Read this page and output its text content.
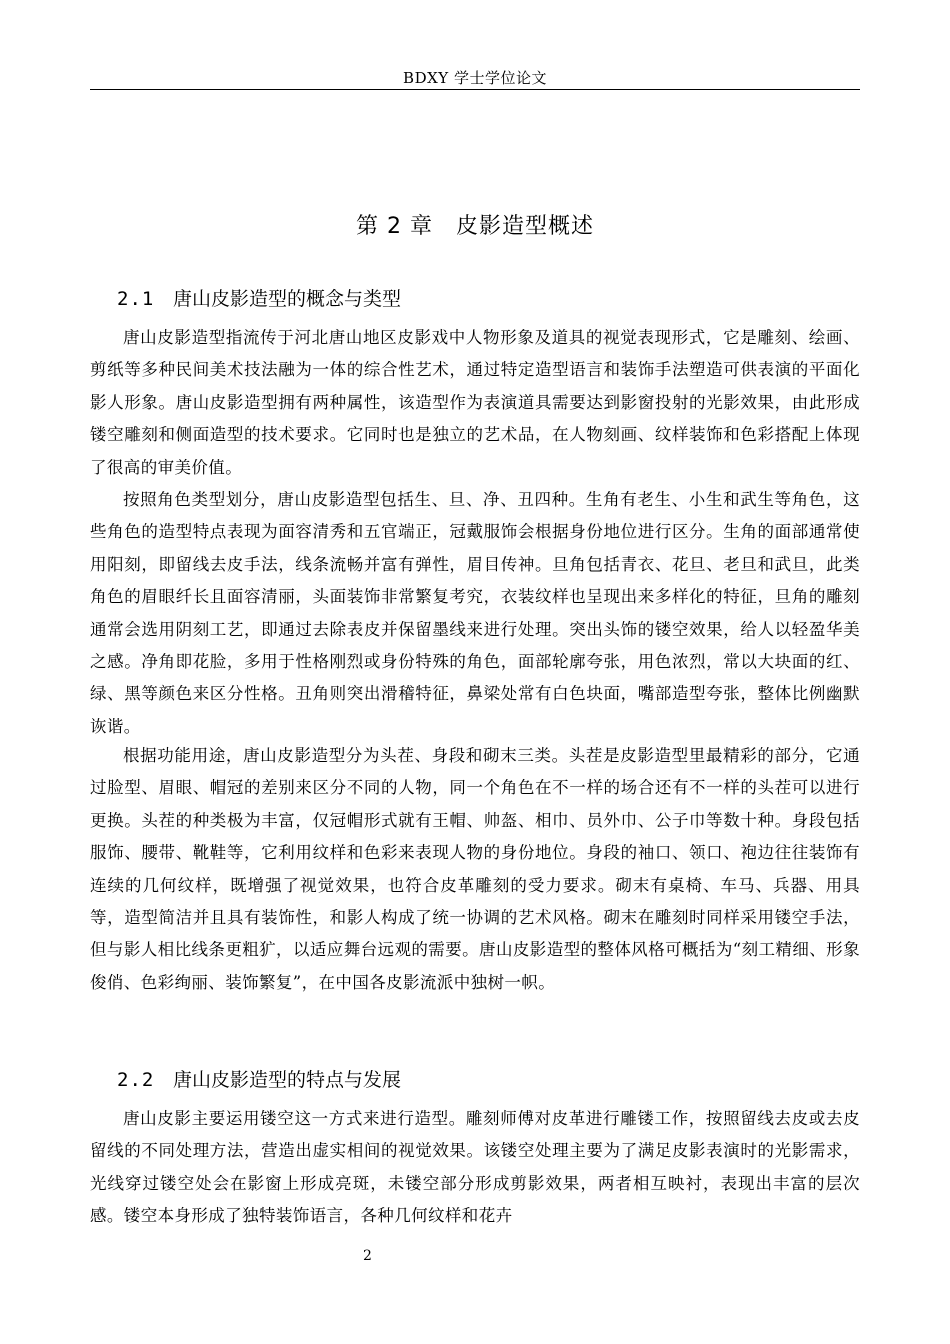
BDXY 学士学位论文
第 2 章　皮影造型概述
2.1 唐山皮影造型的概念与类型

唐山皮影造型指流传于河北唐山地区皮影戏中人物形象及道具的视觉表现形式，它是雕刻、绘画、剪纸等多种民间美术技法融为一体的综合性艺术，通过特定造型语言和装饰手法塑造可供表演的平面化影人形象。唐山皮影造型拥有两种属性，该造型作为表演道具需要达到影窗投射的光影效果，由此形成镂空雕刻和侧面造型的技术要求。它同时也是独立的艺术品，在人物刻画、纹样装饰和色彩搭配上体现了很高的审美价值。

按照角色类型划分，唐山皮影造型包括生、旦、净、丑四种。生角有老生、小生和武生等角色，这些角色的造型特点表现为面容清秀和五官端正，冠戴服饰会根据身份地位进行区分。生角的面部通常使用阳刻，即留线去皮手法，线条流畅并富有弹性，眉目传神。旦角包括青衣、花旦、老旦和武旦，此类角色的眉眼纤长且面容清丽，头面装饰非常繁复考究，衣装纹样也呈现出来多样化的特征，旦角的雕刻通常会选用阴刻工艺，即通过去除表皮并保留墨线来进行处理。突出头饰的镂空效果，给人以轻盈华美之感。净角即花脸，多用于性格刚烈或身份特殊的角色，面部轮廓夸张，用色浓烈，常以大块面的红、绿、黑等颜色来区分性格。丑角则突出滑稽特征，鼻梁处常有白色块面，嘴部造型夸张，整体比例幽默诙谐。

根据功能用途，唐山皮影造型分为头茬、身段和砌末三类。头茬是皮影造型里最精彩的部分，它通过脸型、眉眼、帽冠的差别来区分不同的人物，同一个角色在不一样的场合还有不一样的头茬可以进行更换。头茬的种类极为丰富，仅冠帽形式就有王帽、帅盔、相巾、员外巾、公子巾等数十种。身段包括服饰、腰带、靴鞋等，它利用纹样和色彩来表现人物的身份地位。身段的袖口、领口、袍边往往装饰有连续的几何纹样，既增强了视觉效果，也符合皮革雕刻的受力要求。砌末有桌椅、车马、兵器、用具等，造型简洁并且具有装饰性，和影人构成了统一协调的艺术风格。砌末在雕刻时同样采用镂空手法，但与影人相比线条更粗犷，以适应舞台远观的需要。唐山皮影造型的整体风格可概括为“刻工精细、形象俊俏、色彩绚丽、装饰繁复”，在中国各皮影流派中独树一帜。

2.2 唐山皮影造型的特点与发展

唐山皮影主要运用镂空这一方式来进行造型。雕刻师傅对皮革进行雕镂工作，按照留线去皮或去皮留线的不同处理方法，营造出虚实相间的视觉效果。该镂空处理主要为了满足皮影表演时的光影需求，光线穿过镂空处会在影窗上形成亮斑，未镂空部分形成剪影效果，两者相互映衬，表现出丰富的层次感。镂空本身形成了独特装饰语言，各种几何纹样和花卉

2
